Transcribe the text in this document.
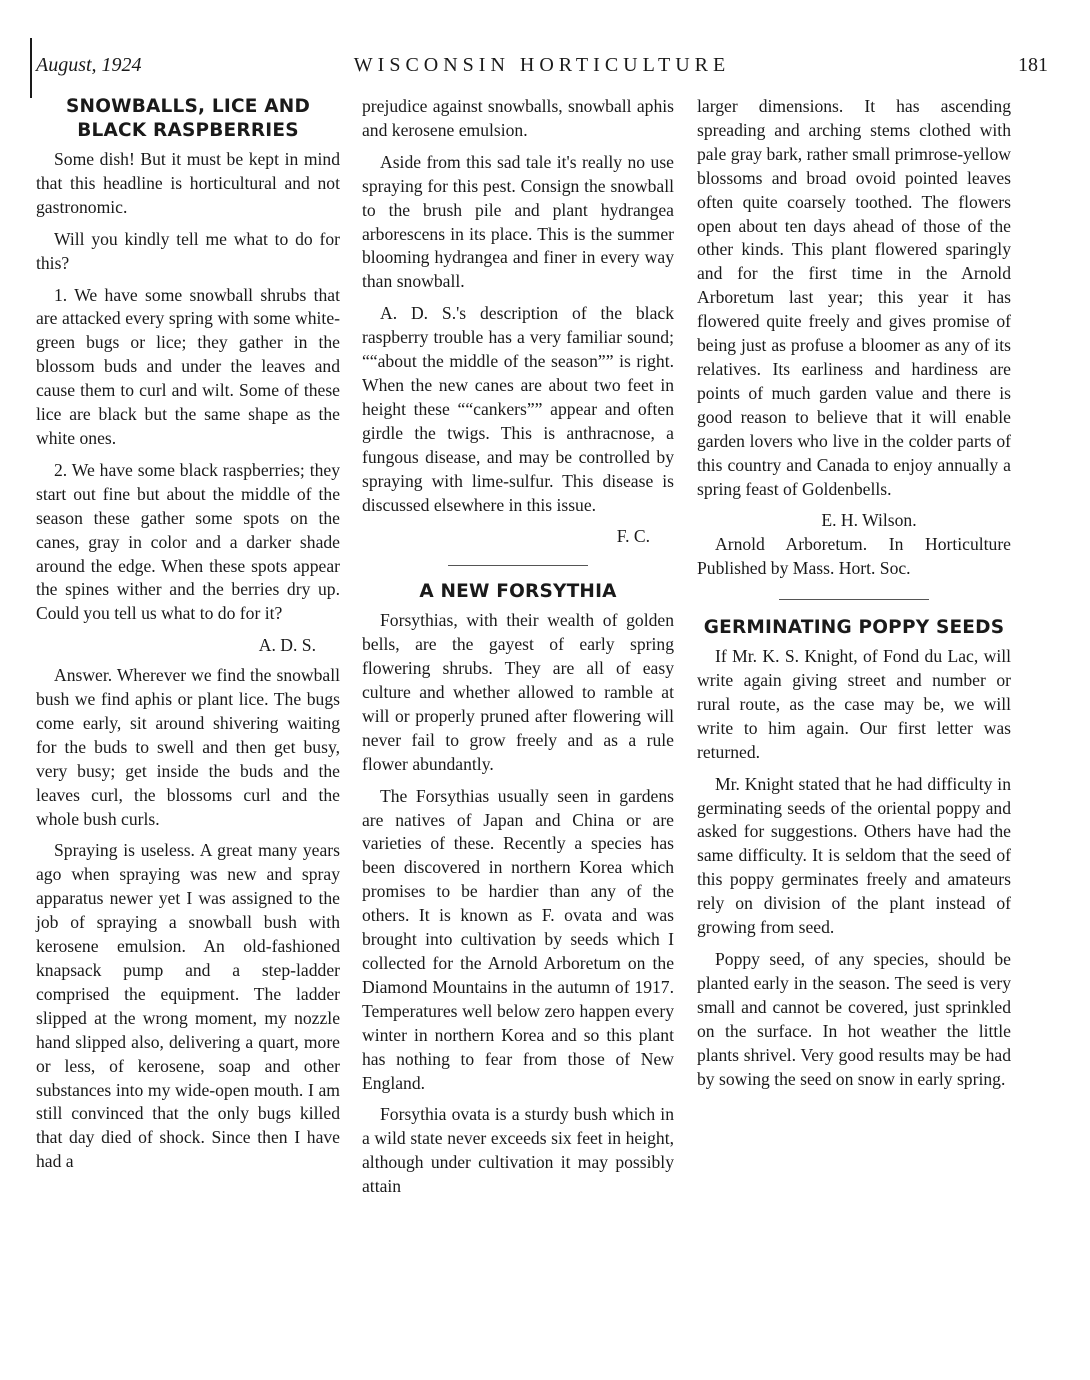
August, 1924	WISCONSIN HORTICULTURE	181
SNOWBALLS, LICE AND BLACK RASPBERRIES

Some dish! But it must be kept in mind that this headline is horticultural and not gastronomic.

Will you kindly tell me what to do for this?

1. We have some snowball shrubs that are attacked every spring with some white-green bugs or lice; they gather in the blossom buds and under the leaves and cause them to curl and wilt. Some of these lice are black but the same shape as the white ones.

2. We have some black raspberries; they start out fine but about the middle of the season these gather some spots on the canes, gray in color and a darker shade around the edge. When these spots appear the spines wither and the berries dry up. Could you tell us what to do for it?

A. D. S.

Answer. Wherever we find the snowball bush we find aphis or plant lice. The bugs come early, sit around shivering waiting for the buds to swell and then get busy, very busy; get inside the buds and the leaves curl, the blossoms curl and the whole bush curls.

Spraying is useless. A great many years ago when spraying was new and spray apparatus newer yet I was assigned to the job of spraying a snowball bush with kerosene emulsion. An old-fashioned knapsack pump and a step-ladder comprised the equipment. The ladder slipped at the wrong moment, my nozzle hand slipped also, delivering a quart, more or less, of kerosene, soap and other substances into my wide-open mouth. I am still convinced that the only bugs killed that day died of shock. Since then I have had a

prejudice against snowballs, snowball aphis and kerosene emulsion.

Aside from this sad tale it's really no use spraying for this pest. Consign the snowball to the brush pile and plant hydrangea arborescens in its place. This is the summer blooming hydrangea and finer in every way than snowball.

A. D. S.'s description of the black raspberry trouble has a very familiar sound; ““about the middle of the season”” is right. When the new canes are about two feet in height these ““cankers”” appear and often girdle the twigs. This is anthracnose, a fungous disease, and may be controlled by spraying with lime-sulfur. This disease is discussed elsewhere in this issue.

F. C.
A NEW FORSYTHIA

Forsythias, with their wealth of golden bells, are the gayest of early spring flowering shrubs. They are all of easy culture and whether allowed to ramble at will or properly pruned after flowering will never fail to grow freely and as a rule flower abundantly.

The Forsythias usually seen in gardens are natives of Japan and China or are varieties of these. Recently a species has been discovered in northern Korea which promises to be hardier than any of the others. It is known as F. ovata and was brought into cultivation by seeds which I collected for the Arnold Arboretum on the Diamond Mountains in the autumn of 1917. Temperatures well below zero happen every winter in northern Korea and so this plant has nothing to fear from those of New England.

Forsythia ovata is a sturdy bush which in a wild state never exceeds six feet in height, although under cultivation it may possibly attain

larger dimensions. It has ascending spreading and arching stems clothed with pale gray bark, rather small primrose-yellow blossoms and broad ovoid pointed leaves often quite coarsely toothed. The flowers open about ten days ahead of those of the other kinds. This plant flowered sparingly and for the first time in the Arnold Arboretum last year; this year it has flowered quite freely and gives promise of being just as profuse a bloomer as any of its relatives. Its earliness and hardiness are points of much garden value and there is good reason to believe that it will enable garden lovers who live in the colder parts of this country and Canada to enjoy annually a spring feast of Goldenbells.

E. H. Wilson.

Arnold Arboretum. In Horticulture Published by Mass. Hort. Soc.

GERMINATING POPPY SEEDS

If Mr. K. S. Knight, of Fond du Lac, will write again giving street and number or rural route, as the case may be, we will write to him again. Our first letter was returned.

Mr. Knight stated that he had difficulty in germinating seeds of the oriental poppy and asked for suggestions. Others have had the same difficulty. It is seldom that the seed of this poppy germinates freely and amateurs rely on division of the plant instead of growing from seed.

Poppy seed, of any species, should be planted early in the season. The seed is very small and cannot be covered, just sprinkled on the surface. In hot weather the little plants shrivel. Very good results may be had by sowing the seed on snow in early spring.
